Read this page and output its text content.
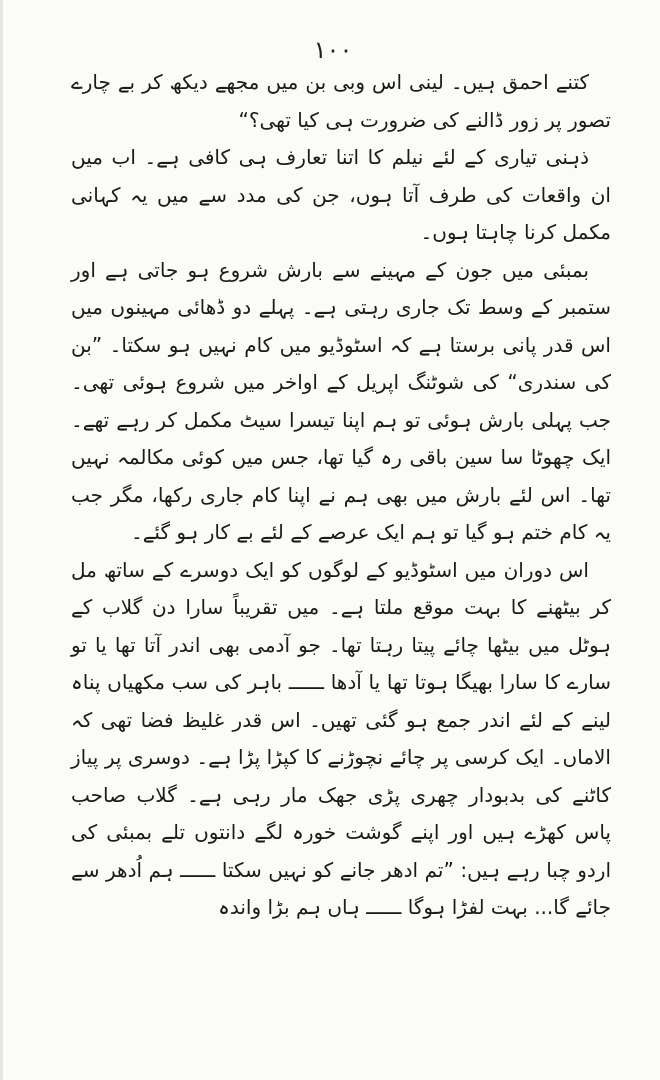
۱۰۰

کتنے احمق ہیں۔ لینی اس وبی بن میں مجھے دیکھ کر بے چارے تصور پر زور ڈالنے کی ضرورت ہی کیا تھی؟“

ذہنی تیاری کے لئے نیلم کا اتنا تعارف ہی کافی ہے۔ اب میں ان واقعات کی طرف آتا ہوں، جن کی مدد سے میں یہ کہانی مکمل کرنا چاہتا ہوں۔

بمبئی میں جون کے مہینے سے بارش شروع ہو جاتی ہے اور ستمبر کے وسط تک جاری رہتی ہے۔ پہلے دو ڈھائی مہینوں میں اس قدر پانی برستا ہے کہ اسٹوڈیو میں کام نہیں ہو سکتا۔ ”بن کی سندری“ کی شوٹنگ اپریل کے اواخر میں شروع ہوئی تھی۔ جب پہلی بارش ہوئی تو ہم اپنا تیسرا سیٹ مکمل کر رہے تھے۔ ایک چھوٹا سا سین باقی رہ گیا تھا، جس میں کوئی مکالمہ نہیں تھا۔ اس لئے بارش میں بھی ہم نے اپنا کام جاری رکھا، مگر جب یہ کام ختم ہو گیا تو ہم ایک عرصے کے لئے بے کار ہو گئے۔

اس دوران میں اسٹوڈیو کے لوگوں کو ایک دوسرے کے ساتھ مل کر بیٹھنے کا بہت موقع ملتا ہے۔ میں تقریباً سارا دن گلاب کے ہوٹل میں بیٹھا چائے پیتا رہتا تھا۔ جو آدمی بھی اندر آتا تھا یا تو سارے کا سارا بھیگا ہوتا تھا یا آدھا ــــــ باہر کی سب مکھیاں پناہ لینے کے لئے اندر جمع ہو گئی تھیں۔ اس قدر غلیظ فضا تھی کہ الاماں۔ ایک کرسی پر چائے نچوڑنے کا کپڑا پڑا ہے۔ دوسری پر پیاز کاٹنے کی بدبودار چھری پڑی جھک مار رہی ہے۔ گلاب صاحب پاس کھڑے ہیں اور اپنے گوشت خورہ لگے دانتوں تلے بمبئی کی اردو چبا رہے ہیں: ”تم ادھر جانے کو نہیں سکتا ــــــ ہم اُدھر سے جائے گا... بہت لفڑا ہوگا ــــــ ہاں ہم بڑا واندہ
